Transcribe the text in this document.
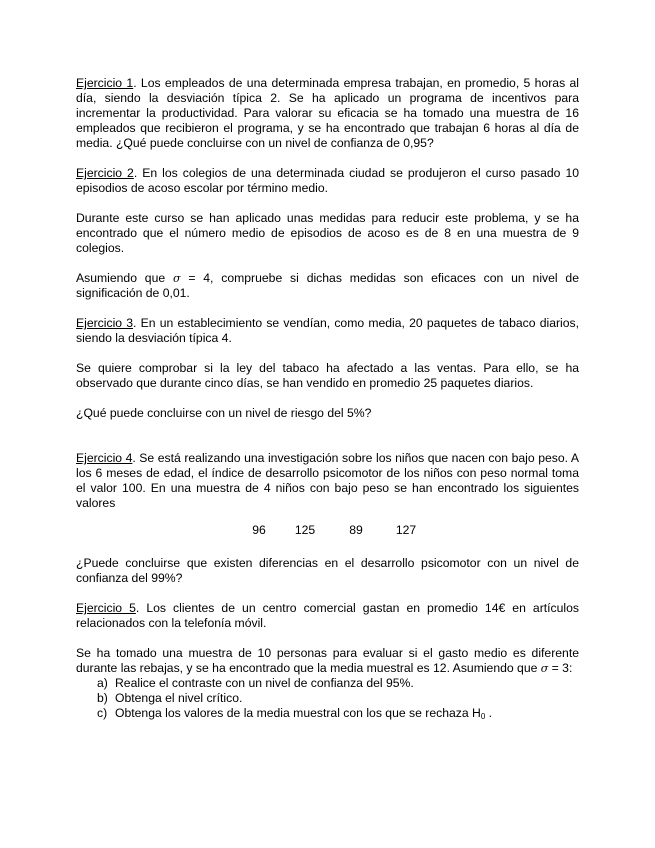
Ejercicio 1. Los empleados de una determinada empresa trabajan, en promedio, 5 horas al día, siendo la desviación típica 2. Se ha aplicado un programa de incentivos para incrementar la productividad. Para valorar su eficacia se ha tomado una muestra de 16 empleados que recibieron el programa, y se ha encontrado que trabajan 6 horas al día de media. ¿Qué puede concluirse con un nivel de confianza de 0,95?

Ejercicio 2. En los colegios de una determinada ciudad se produjeron el curso pasado 10 episodios de acoso escolar por término medio.

Durante este curso se han aplicado unas medidas para reducir este problema, y se ha encontrado que el número medio de episodios de acoso es de 8 en una muestra de 9 colegios.

Asumiendo que σ = 4, compruebe si dichas medidas son eficaces con un nivel de significación de 0,01.

Ejercicio 3. En un establecimiento se vendían, como media, 20 paquetes de tabaco diarios, siendo la desviación típica 4.

Se quiere comprobar si la ley del tabaco ha afectado a las ventas. Para ello, se ha observado que durante cinco días, se han vendido en promedio 25 paquetes diarios.

¿Qué puede concluirse con un nivel de riesgo del 5%?

Ejercicio 4. Se está realizando una investigación sobre los niños que nacen con bajo peso. A los 6 meses de edad, el índice de desarrollo psicomotor de los niños con peso normal toma el valor 100. En una muestra de 4 niños con bajo peso se han encontrado los siguientes valores

96	125	89	127

¿Puede concluirse que existen diferencias en el desarrollo psicomotor con un nivel de confianza del 99%?

Ejercicio 5. Los clientes de un centro comercial gastan en promedio 14€ en artículos relacionados con la telefonía móvil.

Se ha tomado una muestra de 10 personas para evaluar si el gasto medio es diferente durante las rebajas, y se ha encontrado que la media muestral es 12. Asumiendo que σ = 3:

a) Realice el contraste con un nivel de confianza del 95%.
b) Obtenga el nivel crítico.
c) Obtenga los valores de la media muestral con los que se rechaza $H_0$ .
